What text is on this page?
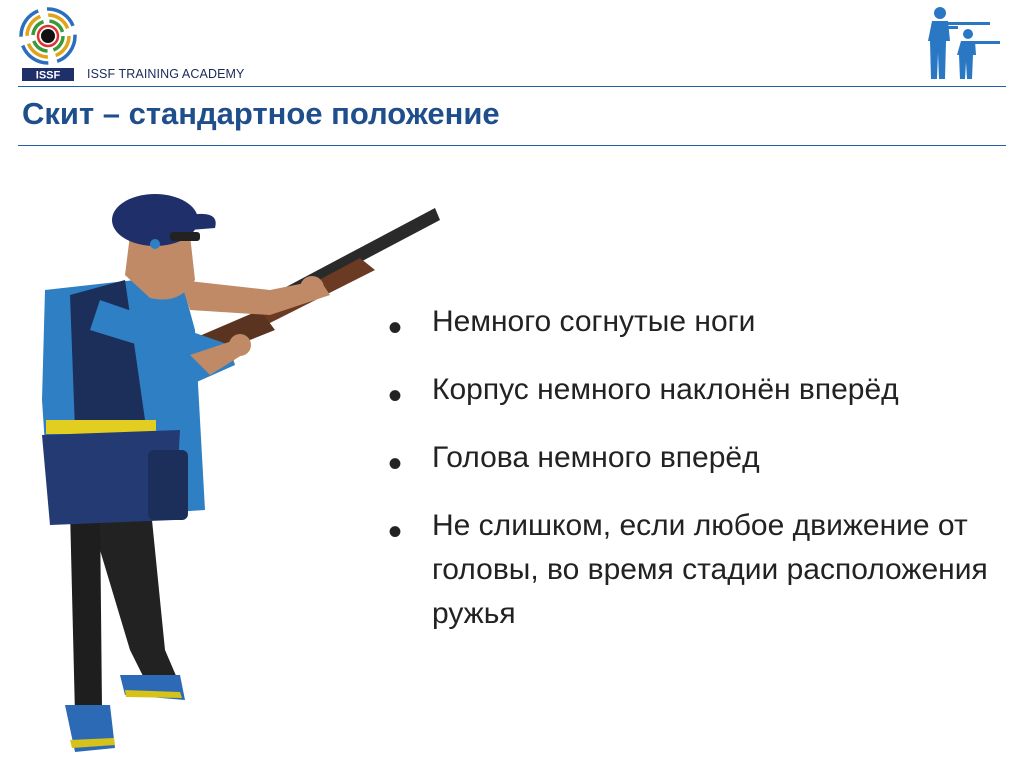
ISSF ISSF TRAINING ACADEMY
Скит – стандартное положение
• Немного согнутые ноги
• Корпус немного наклонён вперёд
• Голова немного вперёд
• Не слишком, если любое движение от головы, во время стадии расположения ружья
